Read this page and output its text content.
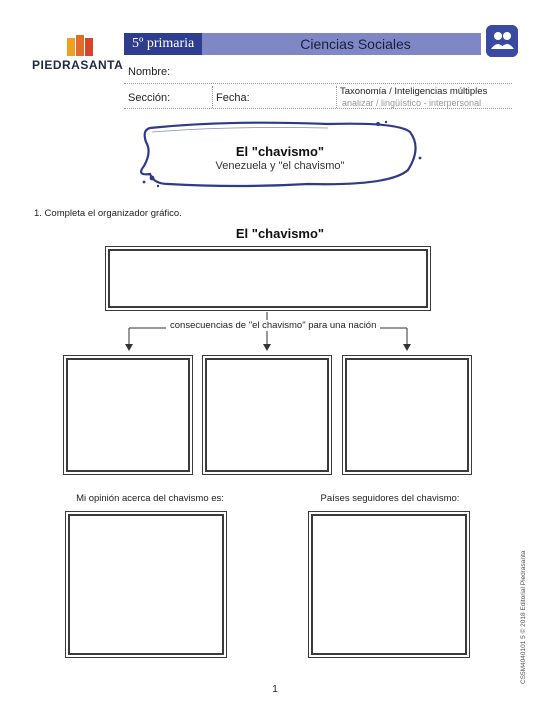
PIEDRASANTA
5º primaria	Ciencias Sociales
Nombre:
Sección:	Fecha:
Taxonomía / Inteligencias múltiples
analizar / lingüístico - interpersonal
El "chavismo"
Venezuela y "el chavismo"
1. Completa el organizador gráfico.
El "chavismo"
consecuencias de "el chavismo" para una nación
Mi opinión acerca del chavismo es:	Países seguidores del chavismo:
CS5M4040101 5 © 2018 Editorial Piedrasanta
1
